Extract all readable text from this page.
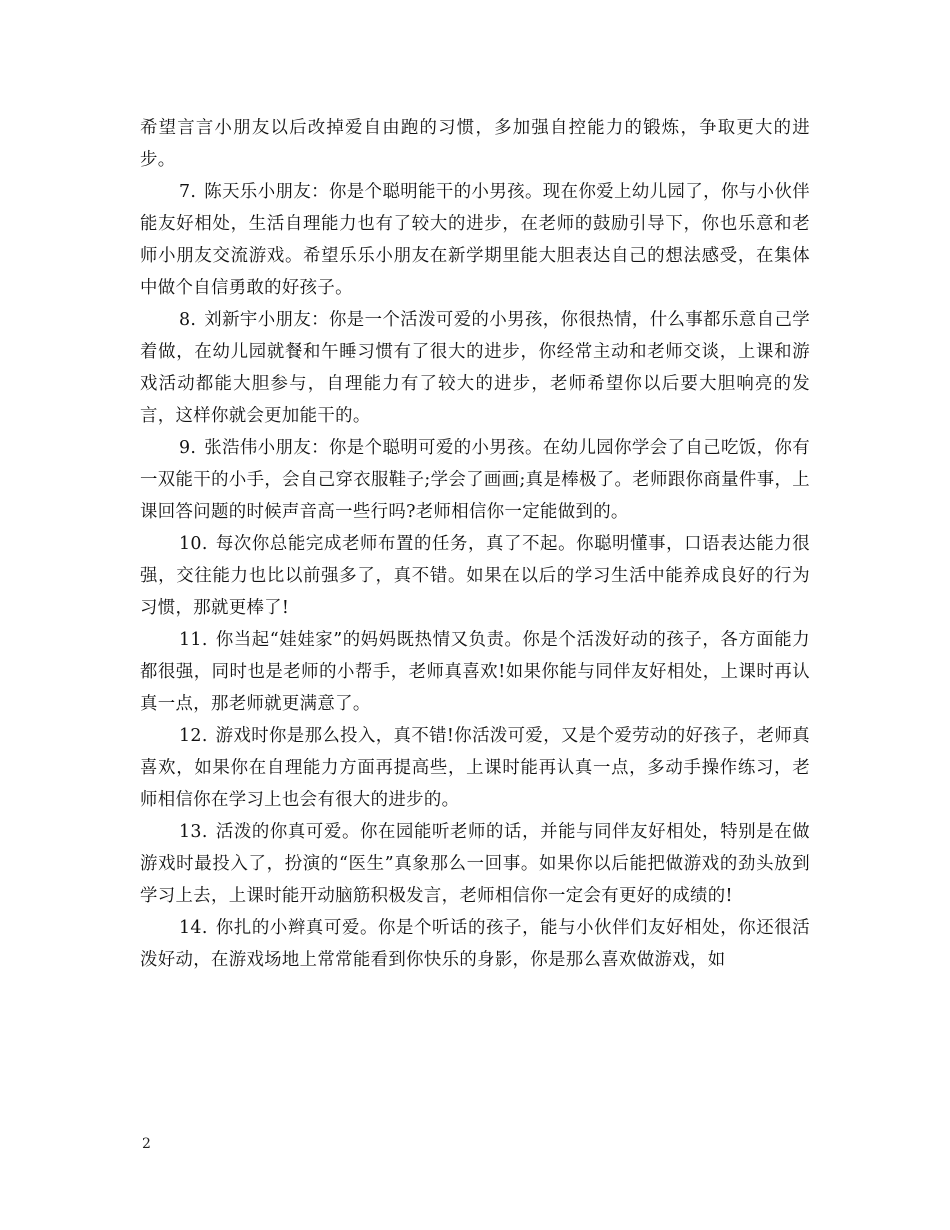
希望言言小朋友以后改掉爱自由跑的习惯，多加强自控能力的锻炼，争取更大的进步。

7. 陈天乐小朋友：你是个聪明能干的小男孩。现在你爱上幼儿园了，你与小伙伴能友好相处，生活自理能力也有了较大的进步，在老师的鼓励引导下，你也乐意和老师小朋友交流游戏。希望乐乐小朋友在新学期里能大胆表达自己的想法感受，在集体中做个自信勇敢的好孩子。

8. 刘新宇小朋友：你是一个活泼可爱的小男孩，你很热情，什么事都乐意自己学着做，在幼儿园就餐和午睡习惯有了很大的进步，你经常主动和老师交谈，上课和游戏活动都能大胆参与，自理能力有了较大的进步，老师希望你以后要大胆响亮的发言，这样你就会更加能干的。

9. 张浩伟小朋友：你是个聪明可爱的小男孩。在幼儿园你学会了自己吃饭，你有一双能干的小手，会自己穿衣服鞋子;学会了画画;真是棒极了。老师跟你商量件事，上课回答问题的时候声音高一些行吗?老师相信你一定能做到的。

10. 每次你总能完成老师布置的任务，真了不起。你聪明懂事，口语表达能力很强，交往能力也比以前强多了，真不错。如果在以后的学习生活中能养成良好的行为习惯，那就更棒了!

11. 你当起“娃娃家”的妈妈既热情又负责。你是个活泼好动的孩子，各方面能力都很强，同时也是老师的小帮手，老师真喜欢!如果你能与同伴友好相处，上课时再认真一点，那老师就更满意了。

12. 游戏时你是那么投入，真不错!你活泼可爱，又是个爱劳动的好孩子，老师真喜欢，如果你在自理能力方面再提高些，上课时能再认真一点，多动手操作练习，老师相信你在学习上也会有很大的进步的。

13. 活泼的你真可爱。你在园能听老师的话，并能与同伴友好相处，特别是在做游戏时最投入了，扮演的“医生”真象那么一回事。如果你以后能把做游戏的劲头放到学习上去，上课时能开动脑筋积极发言，老师相信你一定会有更好的成绩的!

14. 你扎的小辫真可爱。你是个听话的孩子，能与小伙伴们友好相处，你还很活泼好动，在游戏场地上常常能看到你快乐的身影，你是那么喜欢做游戏，如

2
